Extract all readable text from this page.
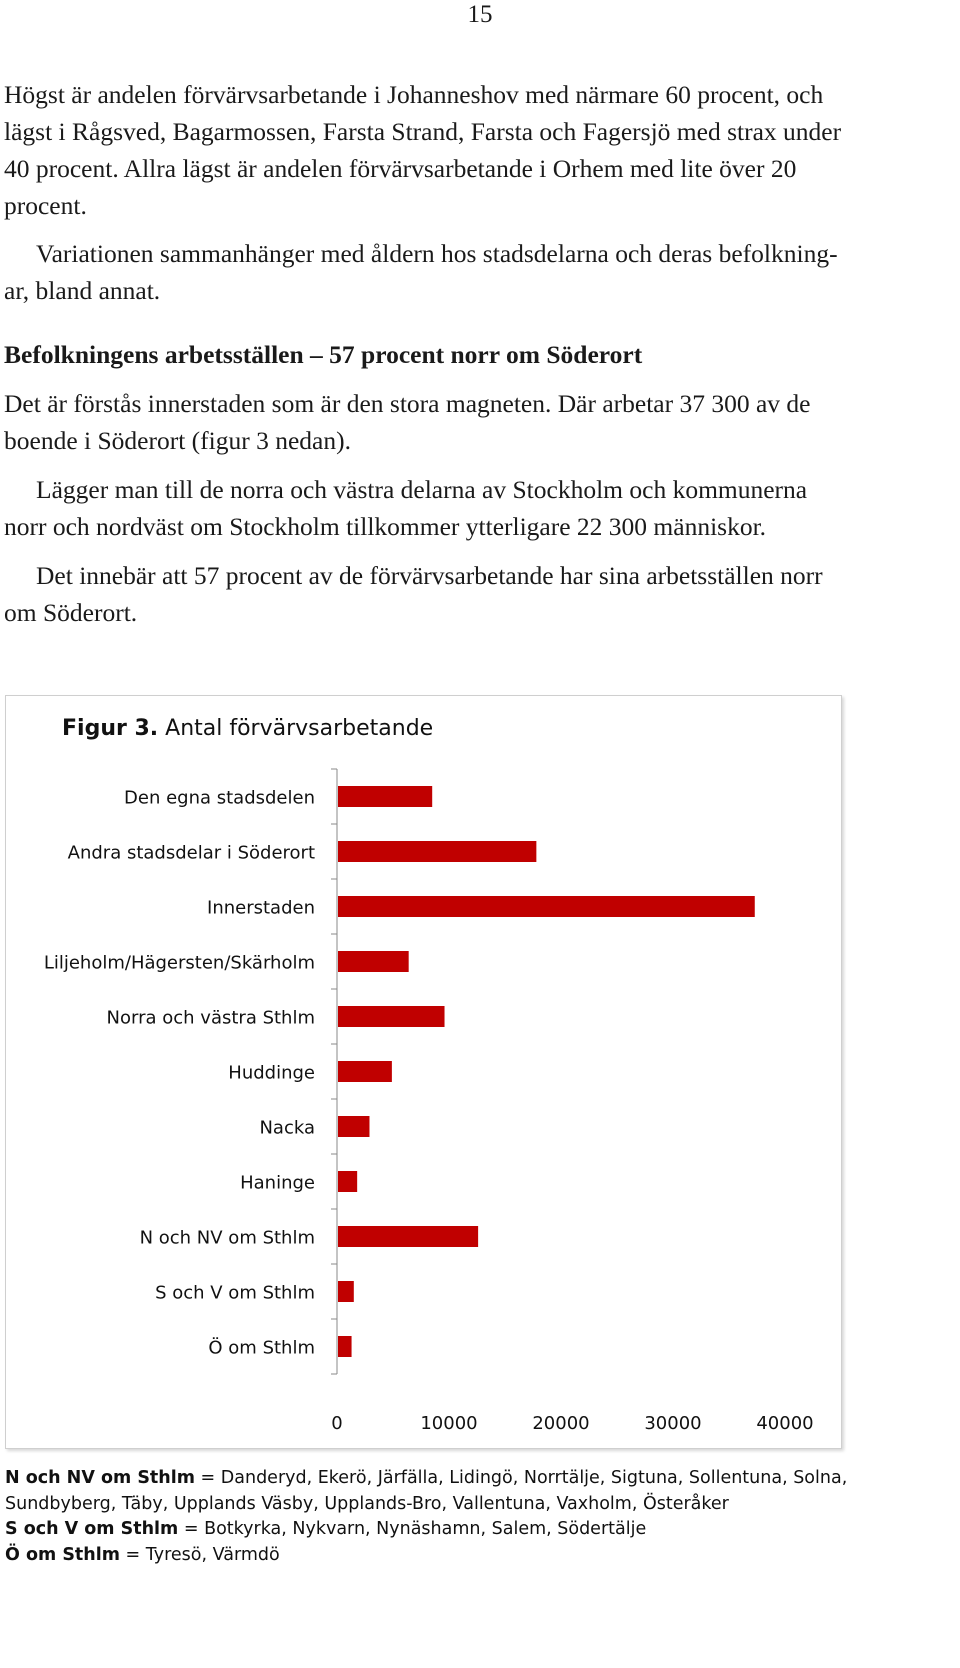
15

Högst är andelen förvärvsarbetande i Johanneshov med närmare 60 procent, och
lägst i Rågsved, Bagarmossen, Farsta Strand, Farsta och Fagersjö med strax under
40 procent. Allra lägst är andelen förvärvsarbetande i Orhem med lite över 20
procent.

Variationen sammanhänger med åldern hos stadsdelarna och deras befolkning-
ar, bland annat.

Befolkningens arbetsställen – 57 procent norr om Söderort

Det är förstås innerstaden som är den stora magneten. Där arbetar 37 300 av de
boende i Söderort (figur 3 nedan).

Lägger man till de norra och västra delarna av Stockholm och kommunerna
norr och nordväst om Stockholm tillkommer ytterligare 22 300 människor.

Det innebär att 57 procent av de förvärvsarbetande har sina arbetsställen norr
om Söderort.

Figur 3. Antal förvärvsarbetande
Den egna stadsdelen
Andra stadsdelar i Söderort
Innerstaden
Liljeholm/Hägersten/Skärholm
Norra och västra Sthlm
Huddinge
Nacka
Haninge
N och NV om Sthlm
S och V om Sthlm
Ö om Sthlm
0	10000	20000	30000	40000
N och NV om Sthlm = Danderyd, Ekerö, Järfälla, Lidingö, Norrtälje, Sigtuna, Sollentuna, Solna,
Sundbyberg, Täby, Upplands Väsby, Upplands-Bro, Vallentuna, Vaxholm, Österåker
S och V om Sthlm = Botkyrka, Nykvarn, Nynäshamn, Salem, Södertälje
Ö om Sthlm = Tyresö, Värmdö
